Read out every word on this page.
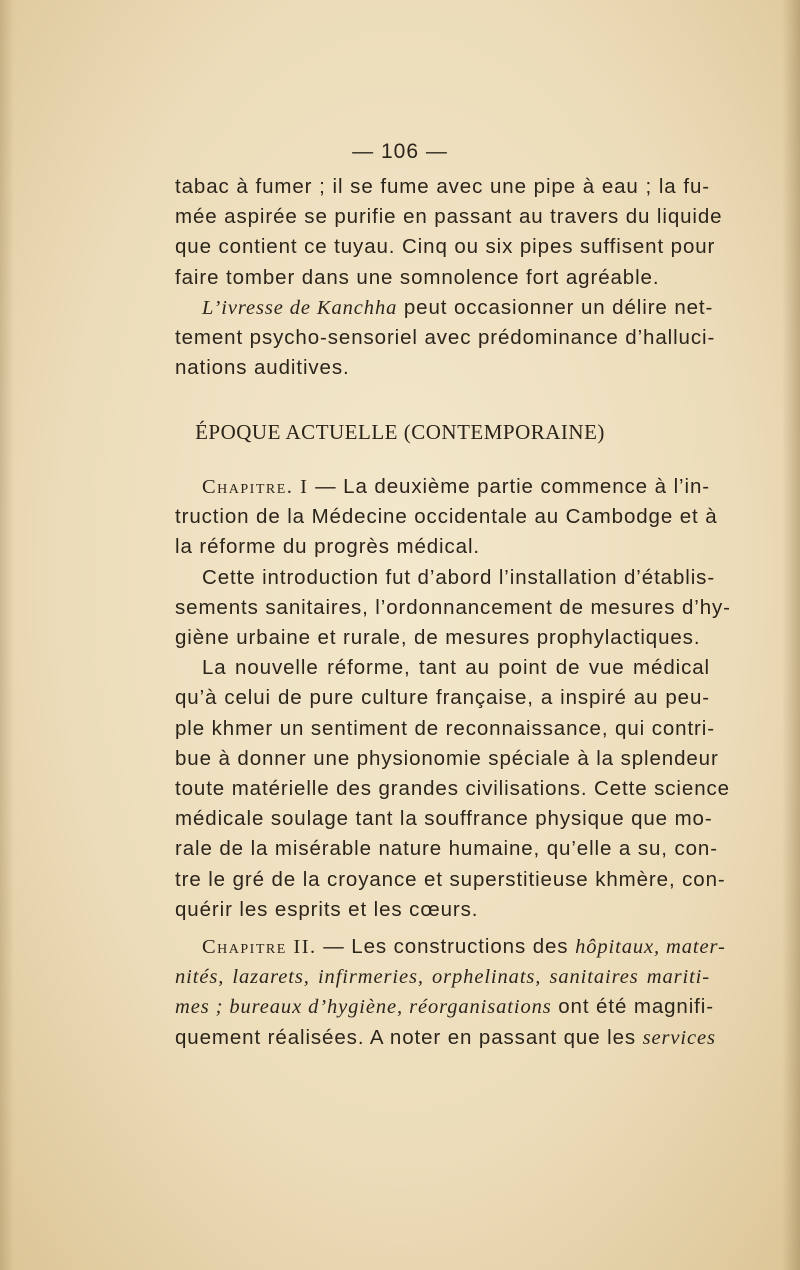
— 106 —
tabac à fumer ; il se fume avec une pipe à eau ; la fu-
mée aspirée se purifie en passant au travers du liquide
que contient ce tuyau. Cinq ou six pipes suffisent pour
faire tomber dans une somnolence fort agréable.
L’ivresse de Kanchha peut occasionner un délire net-
tement psycho-sensoriel avec prédominance d’halluci-
nations auditives.
ÉPOQUE ACTUELLE (CONTEMPORAINE)
Chapitre. I — La deuxième partie commence à l’in-
truction de la Médecine occidentale au Cambodge et à
la réforme du progrès médical.
Cette introduction fut d’abord l’installation d’établis-
sements sanitaires, l’ordonnancement de mesures d’hy-
giène urbaine et rurale, de mesures prophylactiques.
La nouvelle réforme, tant au point de vue médical
qu’à celui de pure culture française, a inspiré au peu-
ple khmer un sentiment de reconnaissance, qui contri-
bue à donner une physionomie spéciale à la splendeur
toute matérielle des grandes civilisations. Cette science
médicale soulage tant la souffrance physique que mo-
rale de la misérable nature humaine, qu’elle a su, con-
tre le gré de la croyance et superstitieuse khmère, con-
quérir les esprits et les cœurs.
Chapitre II. — Les constructions des hôpitaux, mater-
nités, lazarets, infirmeries, orphelinats, sanitaires mariti-
mes ; bureaux d’hygiène, réorganisations ont été magnifi-
quement réalisées. A noter en passant que les services
